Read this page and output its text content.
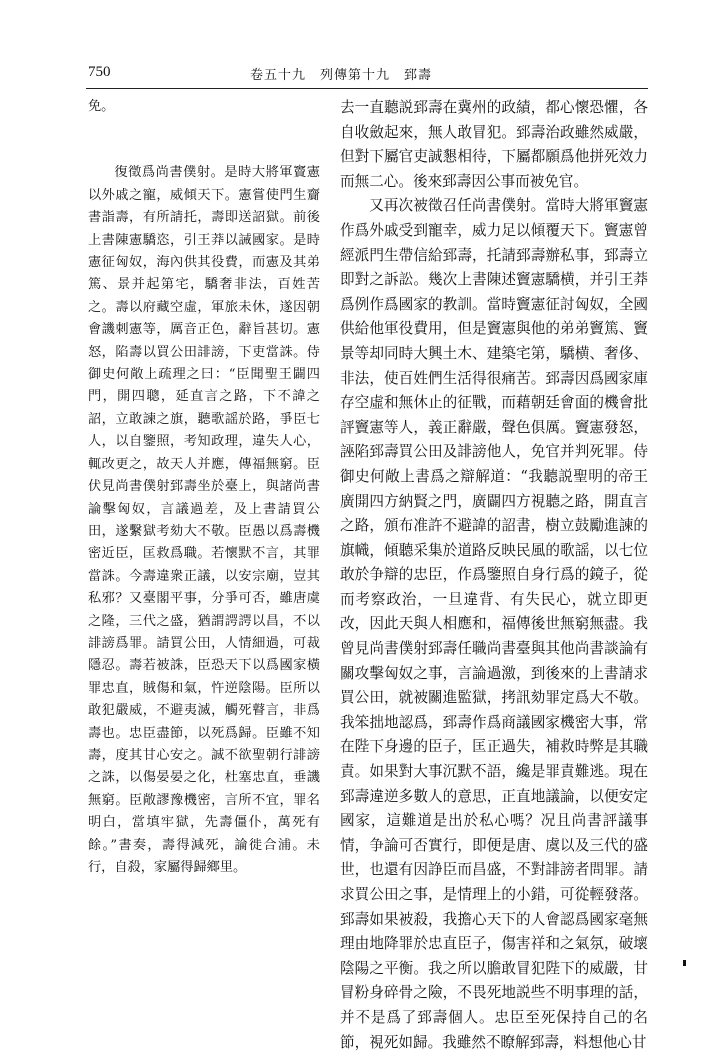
750	卷五十九　列傳第十九　郅壽

免。

復徵爲尚書僕射。是時大將軍竇憲以外戚之寵，威傾天下。憲嘗使門生齎書詣壽，有所請托，壽即送詔獄。前後上書陳憲驕恣，引王莽以誡國家。是時憲征匈奴，海內供其役費，而憲及其弟篤、景并起第宅，驕奢非法，百姓苦之。壽以府藏空虛，軍旅未休，遂因朝會譏刺憲等，厲音正色，辭旨甚切。憲怒，陷壽以買公田誹謗，下吏當誅。侍御史何敞上疏理之曰：“臣聞聖王闢四門，開四聰，延直言之路，下不諱之詔，立敢諫之旗，聽歌謡於路，爭臣七人，以自鑒照，考知政理，違失人心，輒改更之，故天人并應，傳福無窮。臣伏見尚書僕射郅壽坐於臺上，與諸尚書論擊匈奴，言議過差，及上書請買公田，遂繫獄考劾大不敬。臣愚以爲壽機密近臣，匡救爲職。若懷默不言，其罪當誅。今壽違衆正議，以安宗廟，豈其私邪？又臺閣平事，分爭可否，雖唐虞之隆，三代之盛，猶謂諤諤以昌，不以誹謗爲罪。請買公田，人情細過，可裁隱忍。壽若被誅，臣恐天下以爲國家橫罪忠直，賊傷和氣，忤逆陰陽。臣所以敢犯嚴威，不避夷滅，觸死瞽言，非爲壽也。忠臣盡節，以死爲歸。臣雖不知壽，度其甘心安之。誠不欲聖朝行誹謗之誅，以傷晏晏之化，杜塞忠直，垂譏無窮。臣敞謬豫機密，言所不宜，罪名明白，當填牢獄，先壽僵仆，萬死有餘。”書奏，壽得減死，論徙合浦。未行，自殺，家屬得歸鄉里。

去一直聽説郅壽在冀州的政績，都心懷恐懼，各自收斂起來，無人敢冒犯。郅壽治政雖然威嚴，但對下屬官吏誠懇相待，下屬都願爲他拼死效力而無二心。後來郅壽因公事而被免官。

又再次被徵召任尚書僕射。當時大將軍竇憲作爲外戚受到寵幸，威力足以傾覆天下。竇憲曾經派門生帶信給郅壽，托請郅壽辦私事，郅壽立即對之訴訟。幾次上書陳述竇憲驕横，并引王莽爲例作爲國家的教訓。當時竇憲征討匈奴，全國供給他軍役費用，但是竇憲與他的弟弟竇篤、竇景等却同時大興土木、建築宅第，驕横、奢侈、非法，使百姓們生活得很痛苦。郅壽因爲國家庫存空虛和無休止的征戰，而藉朝廷會面的機會批評竇憲等人，義正辭嚴，聲色俱厲。竇憲發怒，誣陷郅壽買公田及誹謗他人，免官并判死罪。侍御史何敞上書爲之辯解道：“我聽説聖明的帝王廣開四方納賢之門，廣闢四方視聽之路，開直言之路，頒布准許不避諱的詔書，樹立鼓勵進諫的旗幟，傾聽采集於道路反映民風的歌謡，以七位敢於争辯的忠臣，作爲鑒照自身行爲的鏡子，從而考察政治，一旦違背、有失民心，就立即更改，因此天與人相應和，福傳後世無窮無盡。我曾見尚書僕射郅壽任職尚書臺與其他尚書談論有關攻擊匈奴之事，言論過激，到後來的上書請求買公田，就被關進監獄，拷訊劾罪定爲大不敬。我笨拙地認爲，郅壽作爲商議國家機密大事，常在陛下身邊的臣子，匡正過失，補救時弊是其職責。如果對大事沉默不語，纔是罪責難逃。現在郅壽違逆多數人的意思，正直地議論，以便安定國家，這難道是出於私心嗎？况且尚書評議事情，争論可否實行，即便是唐、虞以及三代的盛世，也還有因諍臣而昌盛，不對誹謗者問罪。請求買公田之事，是情理上的小錯，可從輕發落。郅壽如果被殺，我擔心天下的人會認爲國家毫無理由地降罪於忠直臣子，傷害祥和之氣氛，破壞陰陽之平衡。我之所以膽敢冒犯陛下的威嚴，甘冒粉身碎骨之險，不畏死地説些不明事理的話，并不是爲了郅壽個人。忠臣至死保持自己的名節，視死如歸。我雖然不瞭解郅壽，料想他心甘
